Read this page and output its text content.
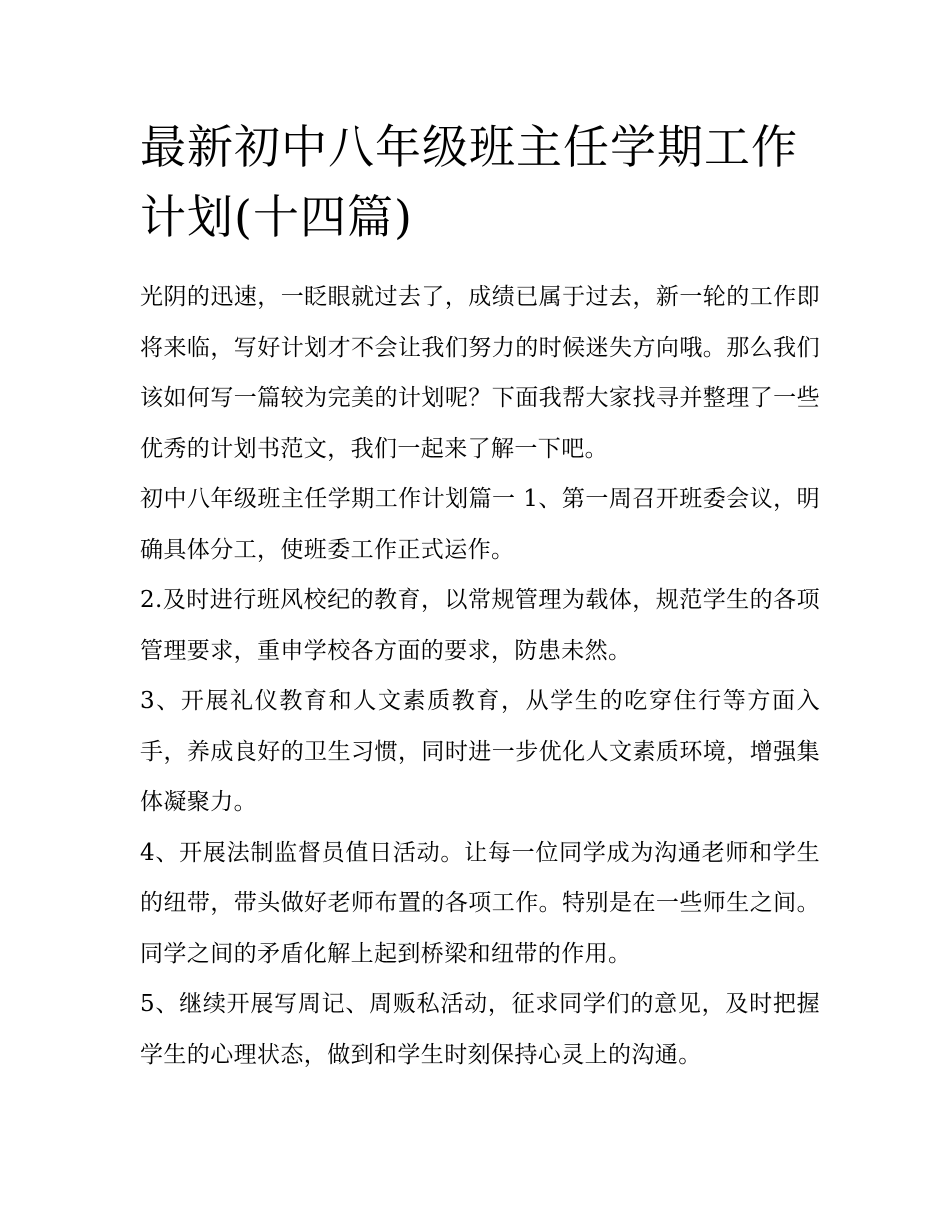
最新初中八年级班主任学期工作计划(十四篇)

光阴的迅速，一眨眼就过去了，成绩已属于过去，新一轮的工作即将来临，写好计划才不会让我们努力的时候迷失方向哦。那么我们该如何写一篇较为完美的计划呢？下面我帮大家找寻并整理了一些优秀的计划书范文，我们一起来了解一下吧。

初中八年级班主任学期工作计划篇一 1、第一周召开班委会议，明确具体分工，使班委工作正式运作。

2.及时进行班风校纪的教育，以常规管理为载体，规范学生的各项管理要求，重申学校各方面的要求，防患未然。

3、开展礼仪教育和人文素质教育，从学生的吃穿住行等方面入手，养成良好的卫生习惯，同时进一步优化人文素质环境，增强集体凝聚力。

4、开展法制监督员值日活动。让每一位同学成为沟通老师和学生的纽带，带头做好老师布置的各项工作。特别是在一些师生之间。同学之间的矛盾化解上起到桥梁和纽带的作用。

5、继续开展写周记、周贩私活动，征求同学们的意见，及时把握学生的心理状态，做到和学生时刻保持心灵上的沟通。
